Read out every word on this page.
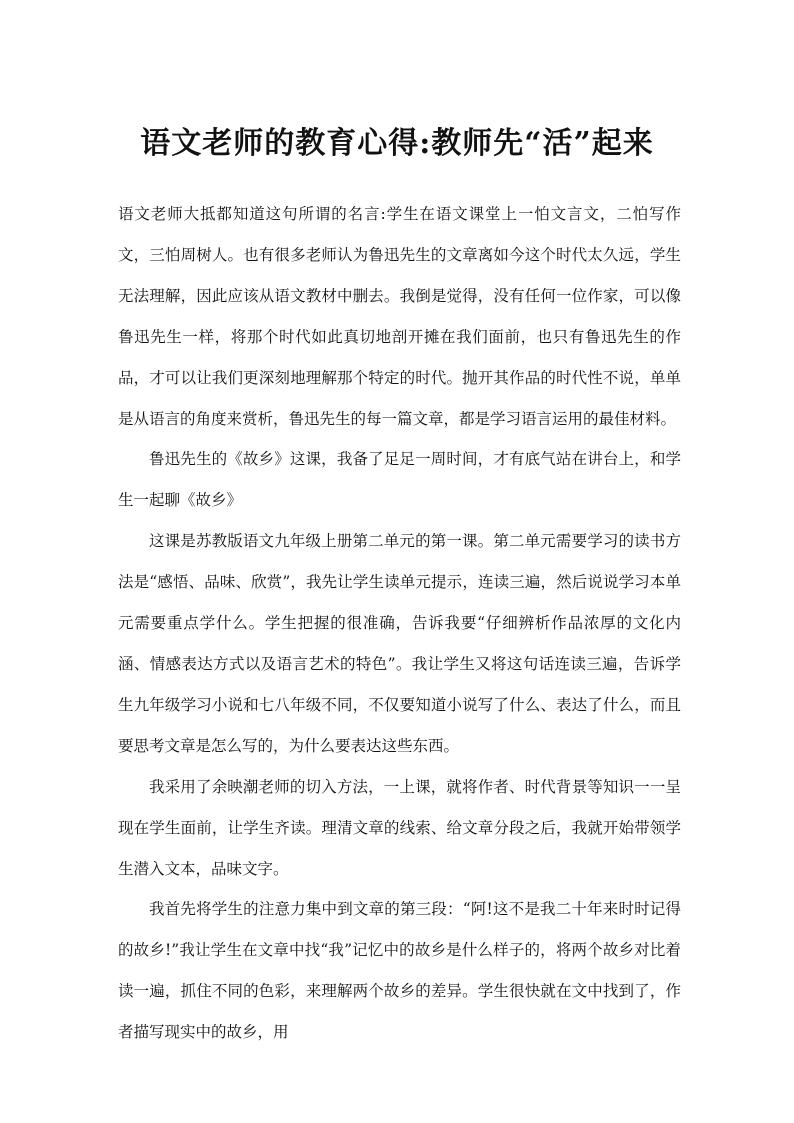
语文老师的教育心得:教师先“活”起来

语文老师大抵都知道这句所谓的名言:学生在语文课堂上一怕文言文，二怕写作文，三怕周树人。也有很多老师认为鲁迅先生的文章离如今这个时代太久远，学生无法理解，因此应该从语文教材中删去。我倒是觉得，没有任何一位作家，可以像鲁迅先生一样，将那个时代如此真切地剖开摊在我们面前，也只有鲁迅先生的作品，才可以让我们更深刻地理解那个特定的时代。抛开其作品的时代性不说，单单是从语言的角度来赏析，鲁迅先生的每一篇文章，都是学习语言运用的最佳材料。

鲁迅先生的《故乡》这课，我备了足足一周时间，才有底气站在讲台上，和学生一起聊《故乡》

这课是苏教版语文九年级上册第二单元的第一课。第二单元需要学习的读书方法是“感悟、品味、欣赏”，我先让学生读单元提示，连读三遍，然后说说学习本单元需要重点学什么。学生把握的很准确，告诉我要“仔细辨析作品浓厚的文化内涵、情感表达方式以及语言艺术的特色”。我让学生又将这句话连读三遍，告诉学生九年级学习小说和七八年级不同，不仅要知道小说写了什么、表达了什么，而且要思考文章是怎么写的，为什么要表达这些东西。

我采用了余映潮老师的切入方法，一上课，就将作者、时代背景等知识一一呈现在学生面前，让学生齐读。理清文章的线索、给文章分段之后，我就开始带领学生潜入文本，品味文字。

我首先将学生的注意力集中到文章的第三段：“阿!这不是我二十年来时时记得的故乡!”我让学生在文章中找“我”记忆中的故乡是什么样子的，将两个故乡对比着读一遍，抓住不同的色彩，来理解两个故乡的差异。学生很快就在文中找到了，作者描写现实中的故乡，用
